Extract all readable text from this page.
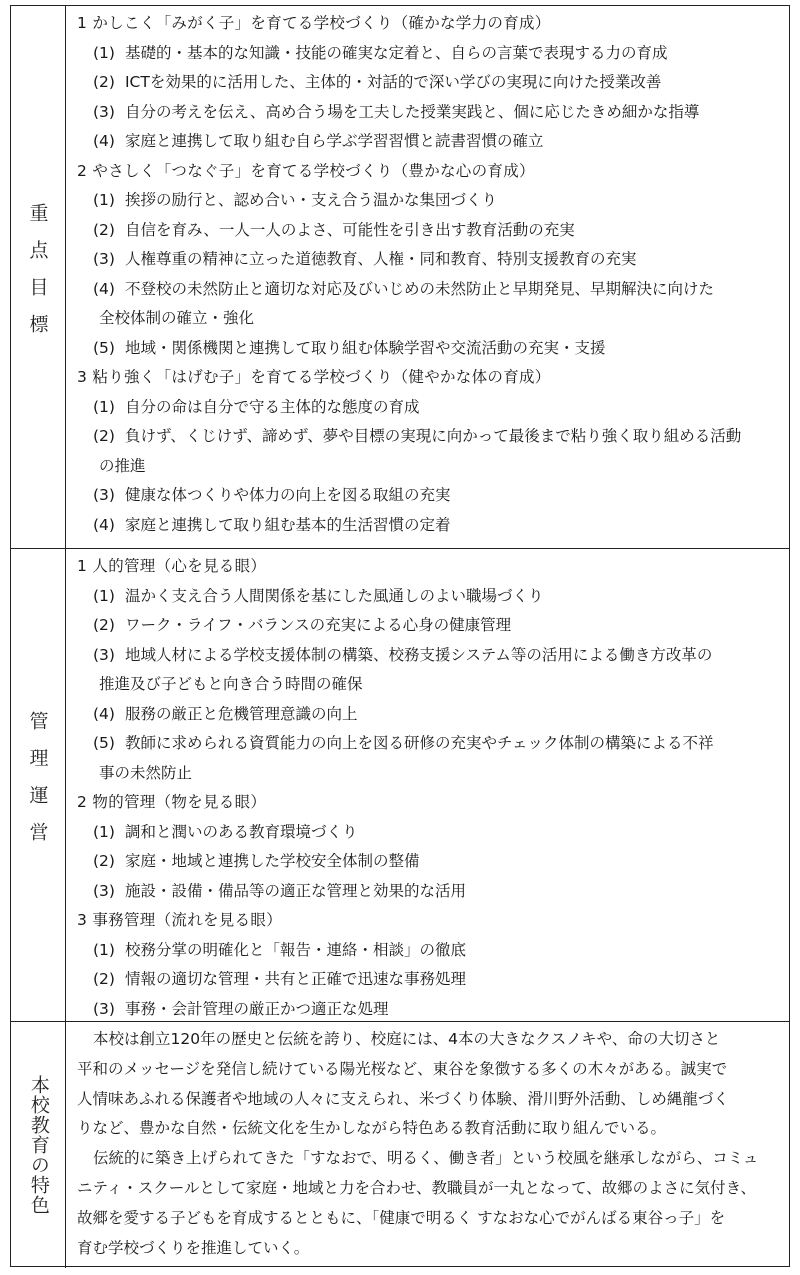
重点目標
1 かしこく「みがく子」を育てる学校づくり（確かな学力の育成）
(1) 基礎的・基本的な知識・技能の確実な定着と、自らの言葉で表現する力の育成
(2) ICTを効果的に活用した、主体的・対話的で深い学びの実現に向けた授業改善
(3) 自分の考えを伝え、高め合う場を工夫した授業実践と、個に応じたきめ細かな指導
(4) 家庭と連携して取り組む自ら学ぶ学習習慣と読書習慣の確立
2 やさしく「つなぐ子」を育てる学校づくり（豊かな心の育成）
(1) 挨拶の励行と、認め合い・支え合う温かな集団づくり
(2) 自信を育み、一人一人のよさ、可能性を引き出す教育活動の充実
(3) 人権尊重の精神に立った道徳教育、人権・同和教育、特別支援教育の充実
(4) 不登校の未然防止と適切な対応及びいじめの未然防止と早期発見、早期解決に向けた
全校体制の確立・強化
(5) 地域・関係機関と連携して取り組む体験学習や交流活動の充実・支援
3 粘り強く「はげむ子」を育てる学校づくり（健やかな体の育成）
(1) 自分の命は自分で守る主体的な態度の育成
(2) 負けず、くじけず、諦めず、夢や目標の実現に向かって最後まで粘り強く取り組める活動
の推進
(3) 健康な体つくりや体力の向上を図る取組の充実
(4) 家庭と連携して取り組む基本的生活習慣の定着
管理運営
1 人的管理（心を見る眼）
(1) 温かく支え合う人間関係を基にした風通しのよい職場づくり
(2) ワーク・ライフ・バランスの充実による心身の健康管理
(3) 地域人材による学校支援体制の構築、校務支援システム等の活用による働き方改革の
推進及び子どもと向き合う時間の確保
(4) 服務の厳正と危機管理意識の向上
(5) 教師に求められる資質能力の向上を図る研修の充実やチェック体制の構築による不祥
事の未然防止
2 物的管理（物を見る眼）
(1) 調和と潤いのある教育環境づくり
(2) 家庭・地域と連携した学校安全体制の整備
(3) 施設・設備・備品等の適正な管理と効果的な活用
3 事務管理（流れを見る眼）
(1) 校務分掌の明確化と「報告・連絡・相談」の徹底
(2) 情報の適切な管理・共有と正確で迅速な事務処理
(3) 事務・会計管理の厳正かつ適正な処理
本校教育の特色
本校は創立120年の歴史と伝統を誇り、校庭には、4本の大きなクスノキや、命の大切さと
平和のメッセージを発信し続けている陽光桜など、東谷を象徴する多くの木々がある。誠実で
人情味あふれる保護者や地域の人々に支えられ、米づくり体験、滑川野外活動、しめ縄龍づく
りなど、豊かな自然・伝統文化を生かしながら特色ある教育活動に取り組んでいる。
伝統的に築き上げられてきた「すなおで、明るく、働き者」という校風を継承しながら、コミュ
ニティ・スクールとして家庭・地域と力を合わせ、教職員が一丸となって、故郷のよさに気付き、
故郷を愛する子どもを育成するとともに、「健康で明るく すなおな心でがんばる東谷っ子」を
育む学校づくりを推進していく。
